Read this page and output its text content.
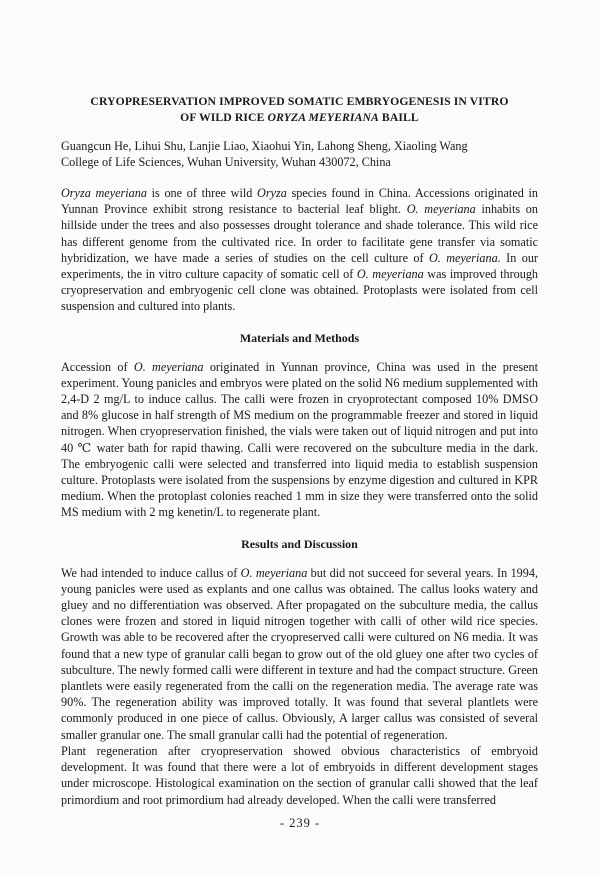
CRYOPRESERVATION IMPROVED SOMATIC EMBRYOGENESIS IN VITRO
OF WILD RICE ORYZA MEYERIANA BAILL
Guangcun He, Lihui Shu, Lanjie Liao, Xiaohui Yin, Lahong Sheng, Xiaoling Wang
College of Life Sciences, Wuhan University, Wuhan 430072, China

Oryza meyeriana is one of three wild Oryza species found in China. Accessions originated in Yunnan Province exhibit strong resistance to bacterial leaf blight. O. meyeriana inhabits on hillside under the trees and also possesses drought tolerance and shade tolerance. This wild rice has different genome from the cultivated rice. In order to facilitate gene transfer via somatic hybridization, we have made a series of studies on the cell culture of O. meyeriana. In our experiments, the in vitro culture capacity of somatic cell of O. meyeriana was improved through cryopreservation and embryogenic cell clone was obtained. Protoplasts were isolated from cell suspension and cultured into plants.

Materials and Methods

Accession of O. meyeriana originated in Yunnan province, China was used in the present experiment. Young panicles and embryos were plated on the solid N6 medium supplemented with 2,4-D 2 mg/L to induce callus. The calli were frozen in cryoprotectant composed 10% DMSO and 8% glucose in half strength of MS medium on the programmable freezer and stored in liquid nitrogen. When cryopreservation finished, the vials were taken out of liquid nitrogen and put into 40 ℃ water bath for rapid thawing. Calli were recovered on the subculture media in the dark. The embryogenic calli were selected and transferred into liquid media to establish suspension culture. Protoplasts were isolated from the suspensions by enzyme digestion and cultured in KPR medium. When the protoplast colonies reached 1 mm in size they were transferred onto the solid MS medium with 2 mg kenetin/L to regenerate plant.

Results and Discussion

We had intended to induce callus of O. meyeriana but did not succeed for several years. In 1994, young panicles were used as explants and one callus was obtained. The callus looks watery and gluey and no differentiation was observed. After propagated on the subculture media, the callus clones were frozen and stored in liquid nitrogen together with calli of other wild rice species. Growth was able to be recovered after the cryopreserved calli were cultured on N6 media. It was found that a new type of granular calli began to grow out of the old gluey one after two cycles of subculture. The newly formed calli were different in texture and had the compact structure. Green plantlets were easily regenerated from the calli on the regeneration media. The average rate was 90%. The regeneration ability was improved totally. It was found that several plantlets were commonly produced in one piece of callus. Obviously, A larger callus was consisted of several smaller granular one. The small granular calli had the potential of regeneration.

Plant regeneration after cryopreservation showed obvious characteristics of embryoid development. It was found that there were a lot of embryoids in different development stages under microscope. Histological examination on the section of granular calli showed that the leaf primordium and root primordium had already developed. When the calli were transferred

- 239 -
